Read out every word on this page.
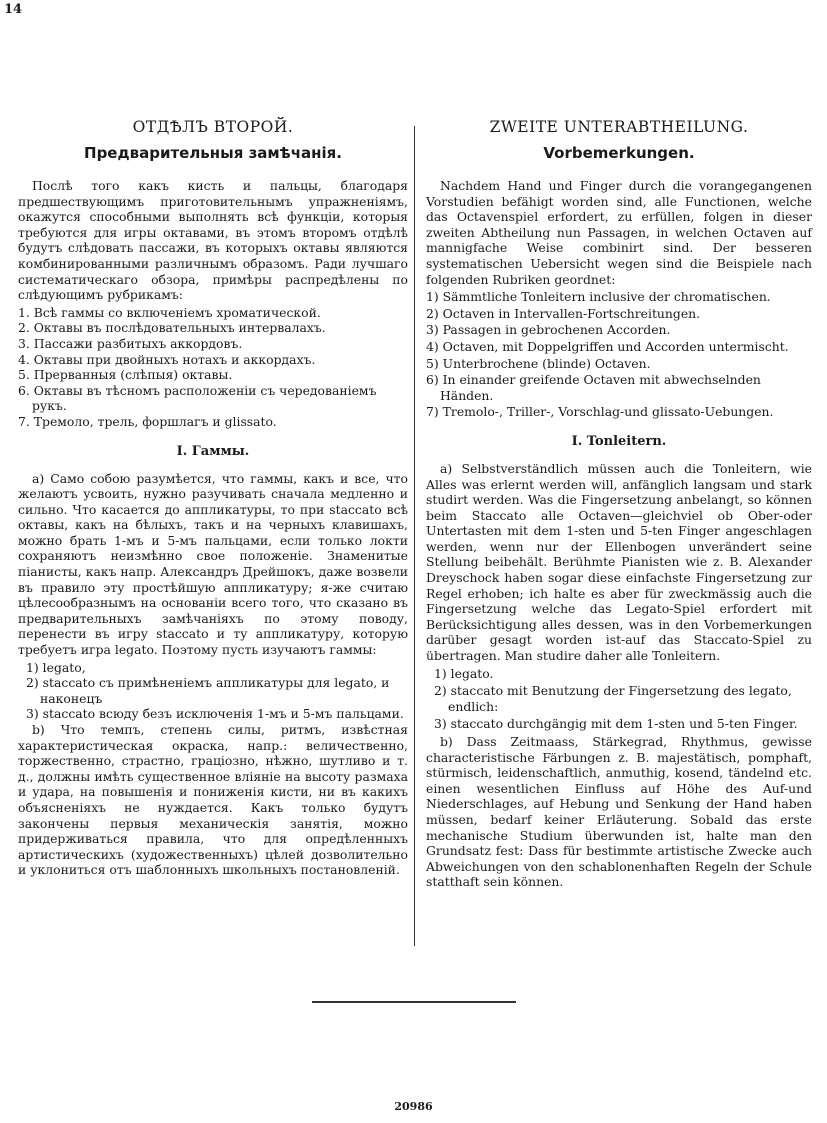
14
ОТДѢЛЪ ВТОРОЙ.
Предварительныя замѣчанія.

Послѣ того какъ кисть и пальцы, благодаря предшествующимъ приготовительнымъ упражненіямъ, окажутся способными выполнять всѣ функціи, которыя требуются для игры октавами, въ этомъ второмъ отдѣлѣ будутъ слѣдовать пассажи, въ которыхъ октавы являются комбинированными различнымъ образомъ. Ради лучшаго систематическаго обзора, примѣры распредѣлены по слѣдующимъ рубрикамъ:

1. Всѣ гаммы со включеніемъ хроматической.
2. Октавы въ послѣдовательныхъ интервалахъ.
3. Пассажи разбитыхъ аккордовъ.
4. Октавы при двойныхъ нотахъ и аккордахъ.
5. Прерванныя (слѣпыя) октавы.
6. Октавы въ тѣсномъ расположеніи съ чередованіемъ рукъ.
7. Тремоло, трель, форшлагъ и glissato.
I. Гаммы.

а) Само собою разумѣется, что гаммы, какъ и все, что желаютъ усвоить, нужно разучивать сначала медленно и сильно. Что касается до аппликатуры, то при staccato всѣ октавы, какъ на бѣлыхъ, такъ и на черныхъ клавишахъ, можно брать 1-мъ и 5-мъ пальцами, если только локти сохраняютъ неизмѣнно свое положеніе. Знаменитые піанисты, какъ напр. Александръ Дрейшокъ, даже возвели въ правило эту простѣйшую аппликатуру; я-же считаю цѣлесообразнымъ на основаніи всего того, что сказано въ предварительныхъ замѣчаніяхъ по этому поводу, перенести въ игру staccato и ту аппликатуру, которую требуетъ игра legato. Поэтому пусть изучаютъ гаммы:

1) legato,
2) staccato съ примѣненіемъ аппликатуры для legato, и наконецъ
3) staccato всюду безъ исключенія 1-мъ и 5-мъ пальцами.

b) Что темпъ, степень силы, ритмъ, извѣстная характеристическая окраска, напр.: величественно, торжественно, страстно, граціозно, нѣжно, шутливо и т. д., должны имѣть существенное вліяніе на высоту размаха и удара, на повышенія и пониженія кисти, ни въ какихъ объясненіяхъ не нуждается. Какъ только будутъ закончены первыя механическія занятія, можно придерживаться правила, что для опредѣленныхъ артистическихъ (художественныхъ) цѣлей дозволительно и уклониться отъ шаблонныхъ школьныхъ постановленій.

ZWEITE UNTERABTHEILUNG.
Vorbemerkungen.

Nachdem Hand und Finger durch die vorangegangenen Vorstudien befähigt worden sind, alle Functionen, welche das Octavenspiel erfordert, zu erfüllen, folgen in dieser zweiten Abtheilung nun Passagen, in welchen Octaven auf mannigfache Weise combinirt sind. Der besseren systematischen Uebersicht wegen sind die Beispiele nach folgenden Rubriken geordnet:

1) Sämmtliche Tonleitern inclusive der chromatischen.
2) Octaven in Intervallen-Fortschreitungen.
3) Passagen in gebrochenen Accorden.
4) Octaven, mit Doppelgriffen und Accorden untermischt.
5) Unterbrochene (blinde) Octaven.
6) In einander greifende Octaven mit abwechselnden Händen.
7) Tremolo-, Triller-, Vorschlag-und glissato-Uebungen.
I. Tonleitern.

a) Selbstverständlich müssen auch die Tonleitern, wie Alles was erlernt werden will, anfänglich langsam und stark studirt werden. Was die Fingersetzung anbelangt, so können beim Staccato alle Octaven—gleichviel ob Ober-oder Untertasten mit dem 1-sten und 5-ten Finger angeschlagen werden, wenn nur der Ellenbogen unverändert seine Stellung beibehält. Berühmte Pianisten wie z. B. Alexander Dreyschock haben sogar diese einfachste Fingersetzung zur Regel erhoben; ich halte es aber für zweckmässig auch die Fingersetzung welche das Legato-Spiel erfordert mit Berücksichtigung alles dessen, was in den Vorbemerkungen darüber gesagt worden ist-auf das Staccato-Spiel zu übertragen. Man studire daher alle Tonleitern.

1) legato.
2) staccato mit Benutzung der Fingersetzung des legato, endlich:
3) staccato durchgängig mit dem 1-sten und 5-ten Finger.

b) Dass Zeitmaass, Stärkegrad, Rhythmus, gewisse characteristische Färbungen z. B. majestätisch, pomphaft, stürmisch, leidenschaftlich, anmuthig, kosend, tändelnd etc. einen wesentlichen Einfluss auf Höhe des Auf-und Niederschlages, auf Hebung und Senkung der Hand haben müssen, bedarf keiner Erläuterung. Sobald das erste mechanische Studium überwunden ist, halte man den Grundsatz fest: Dass für bestimmte artistische Zwecke auch Abweichungen von den schablonenhaften Regeln der Schule statthaft sein können.

20986
